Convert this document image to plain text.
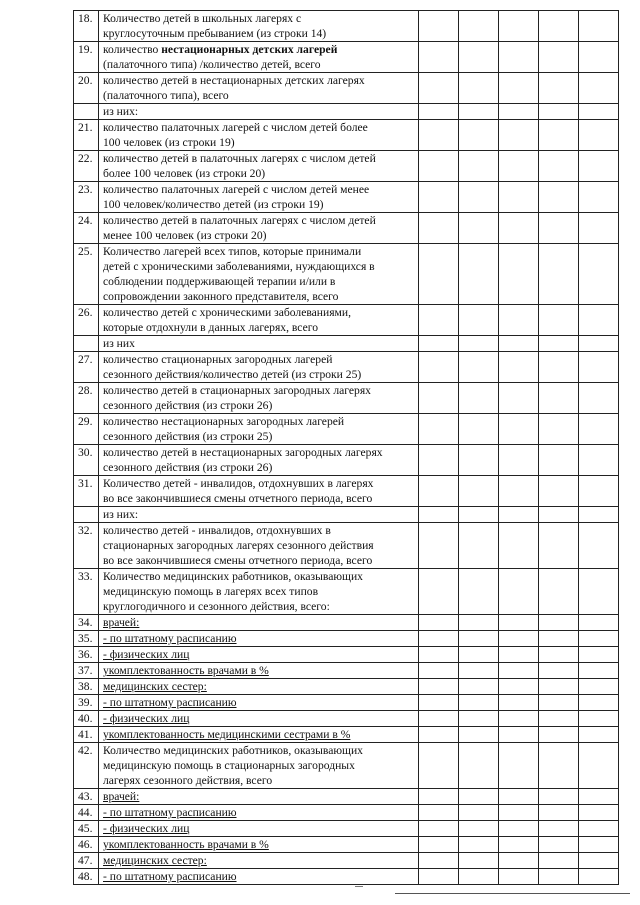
18.	Количество детей в школьных лагерях с
круглосуточным пребыванием (из строки 14)					

19.	количество нестационарных детских лагерей
(палаточного типа) /количество детей, всего					

20.	количество детей в нестационарных детских лагерях
(палаточного типа), всего					

	из них:					

21.	количество палаточных лагерей с числом детей более
100 человек (из строки 19)					

22.	количество детей в палаточных лагерях с числом детей
более 100 человек (из строки 20)					

23.	количество палаточных лагерей с числом детей менее
100 человек/количество детей (из строки 19)					

24.	количество детей в палаточных лагерях с числом детей
менее 100 человек (из строки 20)					

25.	Количество лагерей всех типов, которые принимали
детей с хроническими заболеваниями, нуждающихся в
соблюдении поддерживающей терапии и/или в
сопровождении законного представителя, всего					

26.	количество детей с хроническими заболеваниями,
которые отдохнули в данных лагерях, всего					

	из них					

27.	количество стационарных загородных лагерей
сезонного действия/количество детей (из строки 25)					

28.	количество детей в стационарных загородных лагерях
сезонного действия (из строки 26)					

29.	количество нестационарных загородных лагерей
сезонного действия (из строки 25)					

30.	количество детей в нестационарных загородных лагерях
сезонного действия (из строки 26)					

31.	Количество детей - инвалидов, отдохнувших в лагерях
во все закончившиеся смены отчетного периода, всего					

	из них:					

32.	количество детей - инвалидов, отдохнувших в
стационарных загородных лагерях сезонного действия
во все закончившиеся смены отчетного периода, всего					

33.	Количество медицинских работников, оказывающих
медицинскую помощь в лагерях всех типов
круглогодичного и сезонного действия, всего:					

34.	врачей:					

35.	- по штатному расписанию					

36.	- физических лиц					

37.	укомплектованность врачами в %					

38.	медицинских сестер:					

39.	- по штатному расписанию					

40.	- физических лиц					

41.	укомплектованность медицинскими сестрами в %					

42.	Количество медицинских работников, оказывающих
медицинскую помощь в стационарных загородных
лагерях сезонного действия, всего					

43.	врачей:					

44.	- по штатному расписанию					

45.	- физических лиц					

46.	укомплектованность врачами в %					

47.	медицинских сестер:					

48.	- по штатному расписанию					
